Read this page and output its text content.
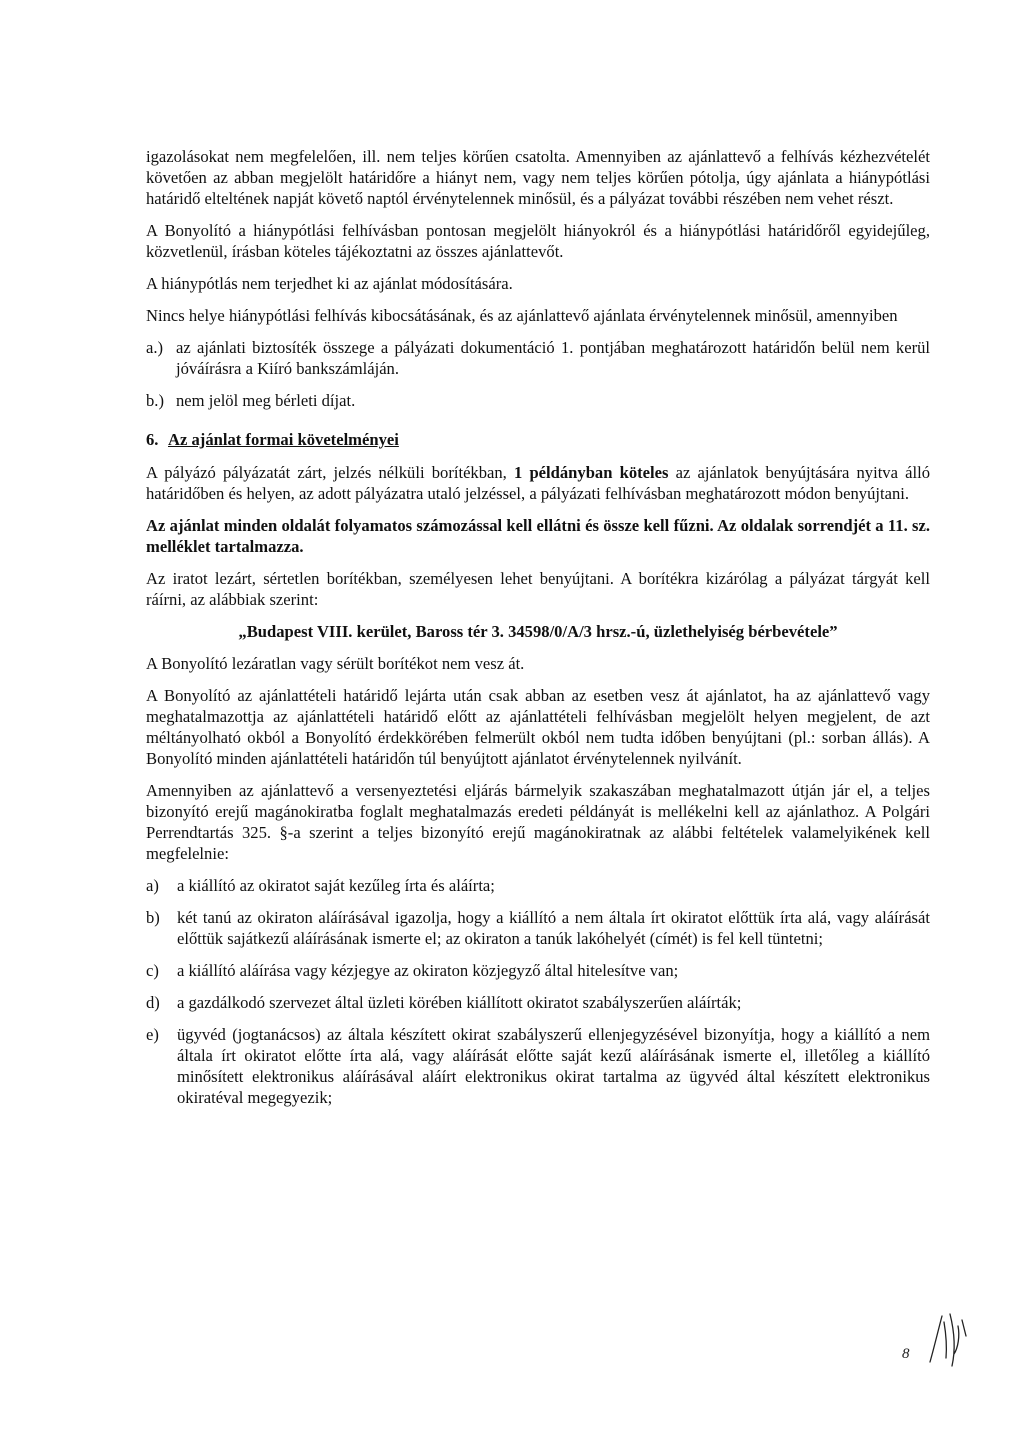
igazolásokat nem megfelelően, ill. nem teljes körűen csatolta. Amennyiben az ajánlattevő a felhívás kézhezvételét követően az abban megjelölt határidőre a hiányt nem, vagy nem teljes körűen pótolja, úgy ajánlata a hiánypótlási határidő elteltének napját követő naptól érvénytelennek minősül, és a pályázat további részében nem vehet részt.

A Bonyolító a hiánypótlási felhívásban pontosan megjelölt hiányokról és a hiánypótlási határidőről egyidejűleg, közvetlenül, írásban köteles tájékoztatni az összes ajánlattevőt.

A hiánypótlás nem terjedhet ki az ajánlat módosítására.

Nincs helye hiánypótlási felhívás kibocsátásának, és az ajánlattevő ajánlata érvénytelennek minősül, amennyiben

a.) az ajánlati biztosíték összege a pályázati dokumentáció 1. pontjában meghatározott határidőn belül nem kerül jóváírásra a Kiíró bankszámláján.
b.) nem jelöl meg bérleti díjat.
6. Az ajánlat formai követelményei

A pályázó pályázatát zárt, jelzés nélküli borítékban, 1 példányban köteles az ajánlatok benyújtására nyitva álló határidőben és helyen, az adott pályázatra utaló jelzéssel, a pályázati felhívásban meghatározott módon benyújtani.

Az ajánlat minden oldalát folyamatos számozással kell ellátni és össze kell fűzni. Az oldalak sorrendjét a 11. sz. melléklet tartalmazza.

Az iratot lezárt, sértetlen borítékban, személyesen lehet benyújtani. A borítékra kizárólag a pályázat tárgyát kell ráírni, az alábbiak szerint:

„Budapest VIII. kerület, Baross tér 3. 34598/0/A/3 hrsz.-ú, üzlethelyiség bérbevétele”

A Bonyolító lezáratlan vagy sérült borítékot nem vesz át.

A Bonyolító az ajánlattételi határidő lejárta után csak abban az esetben vesz át ajánlatot, ha az ajánlattevő vagy meghatalmazottja az ajánlattételi határidő előtt az ajánlattételi felhívásban megjelölt helyen megjelent, de azt méltányolható okból a Bonyolító érdekkörében felmerült okból nem tudta időben benyújtani (pl.: sorban állás). A Bonyolító minden ajánlattételi határidőn túl benyújtott ajánlatot érvénytelennek nyilvánít.

Amennyiben az ajánlattevő a versenyeztetési eljárás bármelyik szakaszában meghatalmazott útján jár el, a teljes bizonyító erejű magánokiratba foglalt meghatalmazás eredeti példányát is mellékelni kell az ajánlathoz. A Polgári Perrendtartás 325. §-a szerint a teljes bizonyító erejű magánokiratnak az alábbi feltételek valamelyikének kell megfelelnie:

a)	a kiállító az okiratot saját kezűleg írta és aláírta;
b)	két tanú az okiraton aláírásával igazolja, hogy a kiállító a nem általa írt okiratot előttük írta alá, vagy aláírását előttük sajátkezű aláírásának ismerte el; az okiraton a tanúk lakóhelyét (címét) is fel kell tüntetni;
c)	a kiállító aláírása vagy kézjegye az okiraton közjegyző által hitelesítve van;
d)	a gazdálkodó szervezet által üzleti körében kiállított okiratot szabályszerűen aláírták;
e)	ügyvéd (jogtanácsos) az általa készített okirat szabályszerű ellenjegyzésével bizonyítja, hogy a kiállító a nem általa írt okiratot előtte írta alá, vagy aláírását előtte saját kezű aláírásának ismerte el, illetőleg a kiállító minősített elektronikus aláírásával aláírt elektronikus okirat tartalma az ügyvéd által készített elektronikus okiratéval megegyezik;
8
